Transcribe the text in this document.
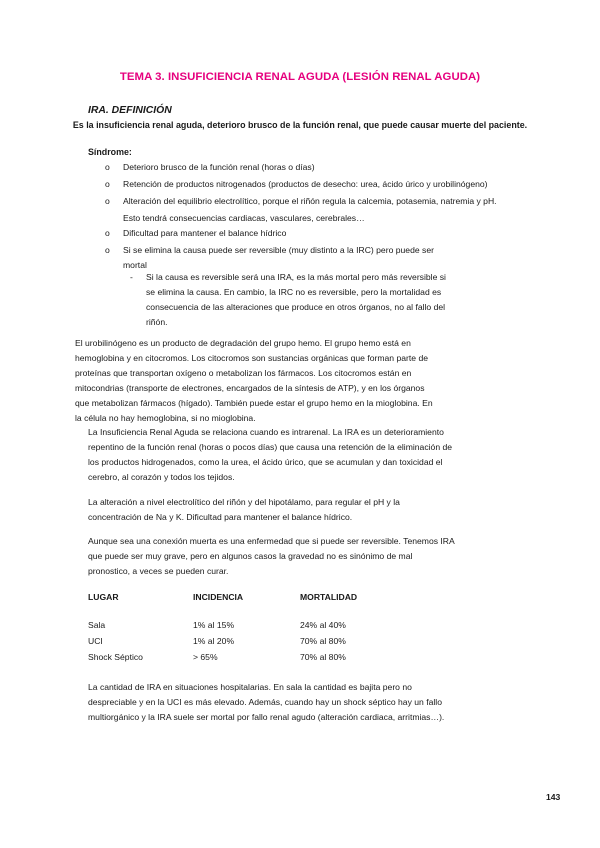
TEMA 3. INSUFICIENCIA RENAL AGUDA (LESIÓN RENAL AGUDA)
IRA. DEFINICIÓN
Es la insuficiencia renal aguda, deterioro brusco de la función renal, que puede causar muerte del paciente.
Síndrome:
o	Deterioro brusco de la función renal (horas o días)
o	Retención de productos nitrogenados (productos de desecho: urea, ácido úrico y urobilinógeno)
o	Alteración del equilibrio electrolítico, porque el riñón regula la calcemia, potasemia, natremia y pH.
Esto tendrá consecuencias cardiacas, vasculares, cerebrales…
o	Dificultad para mantener el balance hídrico
o	Si se elimina la causa puede ser reversible (muy distinto a la IRC) pero puede ser
mortal
- Si la causa es reversible será una IRA, es la más mortal pero más reversible si
se elimina la causa. En cambio, la IRC no es reversible, pero la mortalidad es
consecuencia de las alteraciones que produce en otros órganos, no al fallo del
riñón.
El urobilinógeno es un producto de degradación del grupo hemo. El grupo hemo está en
hemoglobina y en citocromos. Los citocromos son sustancias orgánicas que forman parte de
proteínas que transportan oxígeno o metabolizan los fármacos. Los citocromos están en
mitocondrias (transporte de electrones, encargados de la síntesis de ATP), y en los órganos
que metabolizan fármacos (hígado). También puede estar el grupo hemo en la mioglobina. En
la célula no hay hemoglobina, si no mioglobina.
La Insuficiencia Renal Aguda se relaciona cuando es intrarenal. La IRA es un deterioramiento
repentino de la función renal (horas o pocos días) que causa una retención de la eliminación de
los productos hidrogenados, como la urea, el ácido úrico, que se acumulan y dan toxicidad el
cerebro, al corazón y todos los tejidos.
La alteración a nivel electrolítico del riñón y del hipotálamo, para regular el pH y la
concentración de Na y K. Dificultad para mantener el balance hídrico.
Aunque sea una conexión muerta es una enfermedad que si puede ser reversible. Tenemos IRA
que puede ser muy grave, pero en algunos casos la gravedad no es sinónimo de mal
pronostico, a veces se pueden curar.
LUGAR	INCIDENCIA	MORTALIDAD
Sala	1% al 15%	24% al 40%
UCI	1% al 20%	70% al 80%
Shock Séptico	> 65%	70% al 80%
La cantidad de IRA en situaciones hospitalarias. En sala la cantidad es bajita pero no
despreciable y en la UCI es más elevado. Además, cuando hay un shock séptico hay un fallo
multiorgánico y la IRA suele ser mortal por fallo renal agudo (alteración cardiaca, arritmias…).
143
